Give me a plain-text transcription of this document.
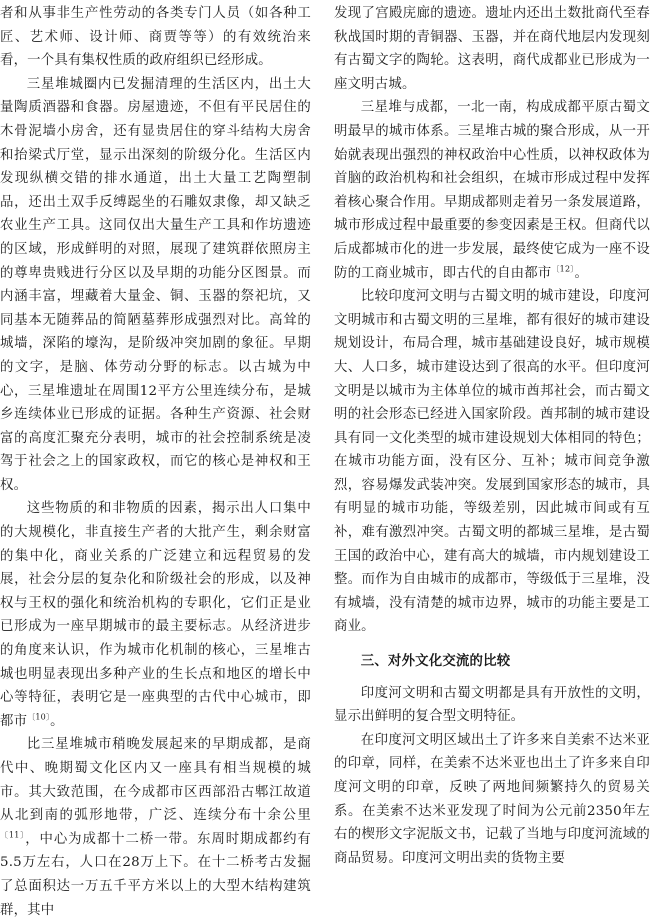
者和从事非生产性劳动的各类专门人员（如各种工匠、艺术师、设计师、商贾等等）的有效统治来看，一个具有集权性质的政府组织已经形成。

三星堆城圈内已发掘清理的生活区内，出土大量陶质酒器和食器。房屋遗迹，不但有平民居住的木骨泥墙小房舍，还有显贵居住的穿斗结构大房舍和抬梁式厅堂，显示出深刻的阶级分化。生活区内发现纵横交错的排水通道，出土大量工艺陶塑制品，还出土双手反缚跽坐的石雕奴隶像，却又缺乏农业生产工具。这同仅出大量生产工具和作坊遗迹的区域，形成鲜明的对照，展现了建筑群依照房主的尊卑贵贱进行分区以及早期的功能分区图景。而内涵丰富，埋藏着大量金、铜、玉器的祭祀坑，又同基本无随葬品的简陋墓葬形成强烈对比。高耸的城墙，深陷的壕沟，是阶级冲突加剧的象征。早期的文字，是脑、体劳动分野的标志。以古城为中心，三星堆遗址在周围12平方公里连续分布，是城乡连续体业已形成的证据。各种生产资源、社会财富的高度汇聚充分表明，城市的社会控制系统是凌驾于社会之上的国家政权，而它的核心是神权和王权。

这些物质的和非物质的因素，揭示出人口集中的大规模化，非直接生产者的大批产生，剩余财富的集中化，商业关系的广泛建立和远程贸易的发展，社会分层的复杂化和阶级社会的形成，以及神权与王权的强化和统治机构的专职化，它们正是业已形成为一座早期城市的最主要标志。从经济进步的角度来认识，作为城市化机制的核心，三星堆古城也明显表现出多种产业的生长点和地区的增长中心等特征，表明它是一座典型的古代中心城市，即都市$^{〔10〕}$。

比三星堆城市稍晚发展起来的早期成都，是商代中、晚期蜀文化区内又一座具有相当规模的城市。其大致范围，在今成都市区西部沿古郫江故道从北到南的弧形地带，广泛、连续分布十余公里$^{〔11〕}$，中心为成都十二桥一带。东周时期成都约有5.5万左右，人口在28万上下。在十二桥考古发掘了总面积达一万五千平方米以上的大型木结构建筑群，其中

发现了宫殿庑廊的遗迹。遗址内还出土数批商代至春秋战国时期的青铜器、玉器，并在商代地层内发现刻有古蜀文字的陶轮。这表明，商代成都业已形成为一座文明古城。

三星堆与成都，一北一南，构成成都平原古蜀文明最早的城市体系。三星堆古城的聚合形成，从一开始就表现出强烈的神权政治中心性质，以神权政体为首脑的政治机构和社会组织，在城市形成过程中发挥着核心聚合作用。早期成都则走着另一条发展道路，城市形成过程中最重要的参变因素是王权。但商代以后成都城市化的进一步发展，最终使它成为一座不设防的工商业城市，即古代的自由都市$^{〔12〕}$。

比较印度河文明与古蜀文明的城市建设，印度河文明城市和古蜀文明的三星堆，都有很好的城市建设规划设计，布局合理，城市基础建设良好，城市规模大、人口多，城市建设达到了很高的水平。但印度河文明是以城市为主体单位的城市酋邦社会，而古蜀文明的社会形态已经进入国家阶段。酋邦制的城市建设具有同一文化类型的城市建设规划大体相同的特色；在城市功能方面，没有区分、互补；城市间竞争激烈，容易爆发武装冲突。发展到国家形态的城市，具有明显的城市功能，等级差别，因此城市间或有互补，难有激烈冲突。古蜀文明的都城三星堆，是古蜀王国的政治中心，建有高大的城墙，市内规划建设工整。而作为自由城市的成都市，等级低于三星堆，没有城墙，没有清楚的城市边界，城市的功能主要是工商业。

三、对外文化交流的比较

印度河文明和古蜀文明都是具有开放性的文明，显示出鲜明的复合型文明特征。

在印度河文明区域出土了许多来自美索不达米亚的印章，同样，在美索不达米亚也出土了许多来自印度河文明的印章，反映了两地间频繁持久的贸易关系。在美索不达米亚发现了时间为公元前2350年左右的楔形文字泥版文书，记载了当地与印度河流域的商品贸易。印度河文明出卖的货物主要
